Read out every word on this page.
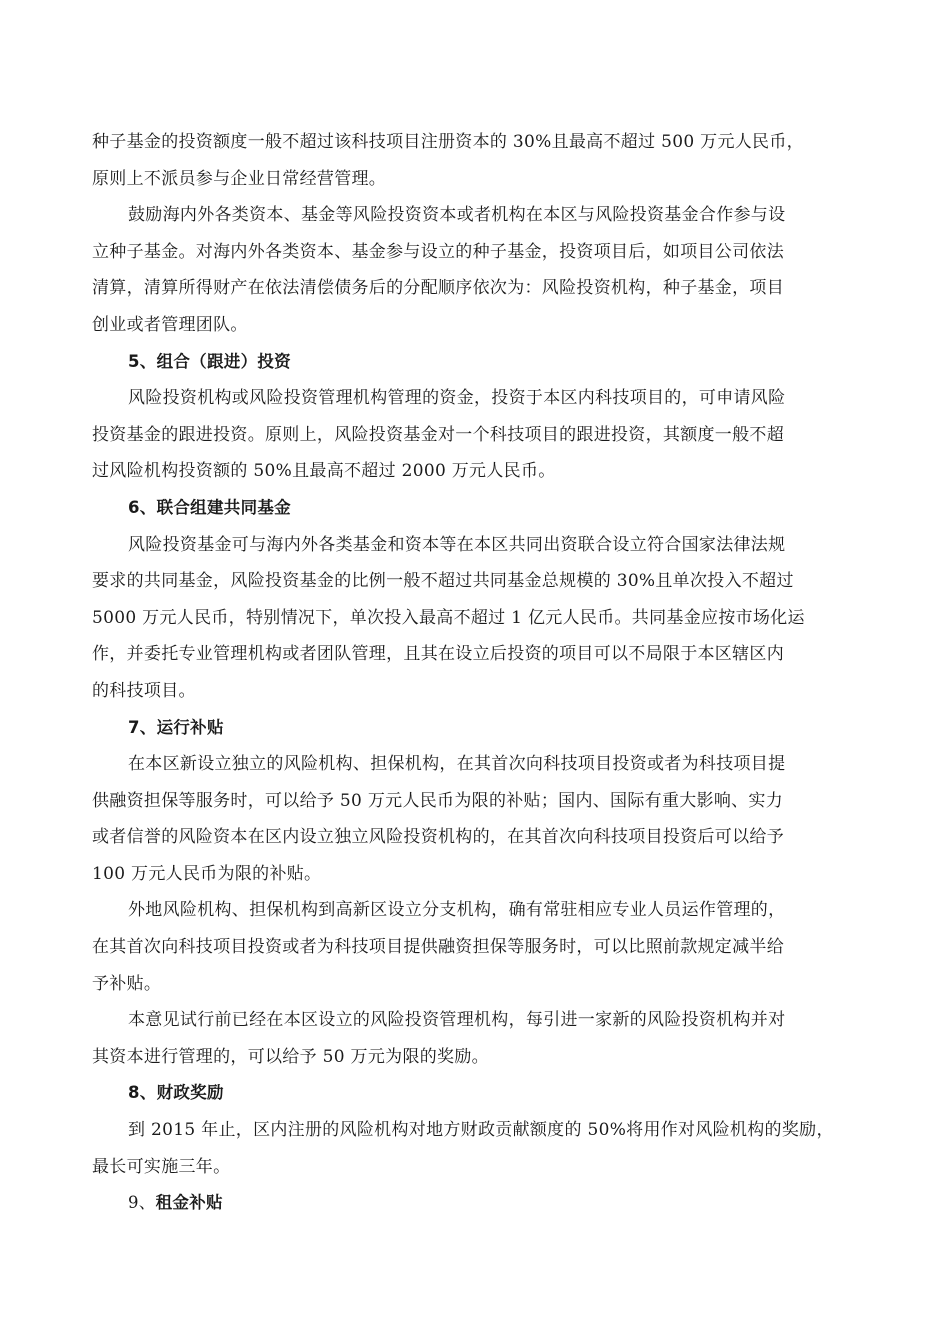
种子基金的投资额度一般不超过该科技项目注册资本的 30%且最高不超过 500 万元人民币，
原则上不派员参与企业日常经营管理。
鼓励海内外各类资本、基金等风险投资资本或者机构在本区与风险投资基金合作参与设
立种子基金。对海内外各类资本、基金参与设立的种子基金，投资项目后，如项目公司依法
清算，清算所得财产在依法清偿债务后的分配顺序依次为：风险投资机构，种子基金，项目
创业或者管理团队。
5、组合（跟进）投资
风险投资机构或风险投资管理机构管理的资金，投资于本区内科技项目的，可申请风险
投资基金的跟进投资。原则上，风险投资基金对一个科技项目的跟进投资，其额度一般不超
过风险机构投资额的 50%且最高不超过 2000 万元人民币。
6、联合组建共同基金
风险投资基金可与海内外各类基金和资本等在本区共同出资联合设立符合国家法律法规
要求的共同基金，风险投资基金的比例一般不超过共同基金总规模的 30%且单次投入不超过
5000 万元人民币，特别情况下，单次投入最高不超过 1 亿元人民币。共同基金应按市场化运
作，并委托专业管理机构或者团队管理，且其在设立后投资的项目可以不局限于本区辖区内
的科技项目。
7、运行补贴
在本区新设立独立的风险机构、担保机构，在其首次向科技项目投资或者为科技项目提
供融资担保等服务时，可以给予 50 万元人民币为限的补贴；国内、国际有重大影响、实力
或者信誉的风险资本在区内设立独立风险投资机构的，在其首次向科技项目投资后可以给予
100 万元人民币为限的补贴。
外地风险机构、担保机构到高新区设立分支机构，确有常驻相应专业人员运作管理的，
在其首次向科技项目投资或者为科技项目提供融资担保等服务时，可以比照前款规定减半给
予补贴。
本意见试行前已经在本区设立的风险投资管理机构，每引进一家新的风险投资机构并对
其资本进行管理的，可以给予 50 万元为限的奖励。
8、财政奖励
到 2015 年止，区内注册的风险机构对地方财政贡献额度的 50%将用作对风险机构的奖励，
最长可实施三年。
9、租金补贴
